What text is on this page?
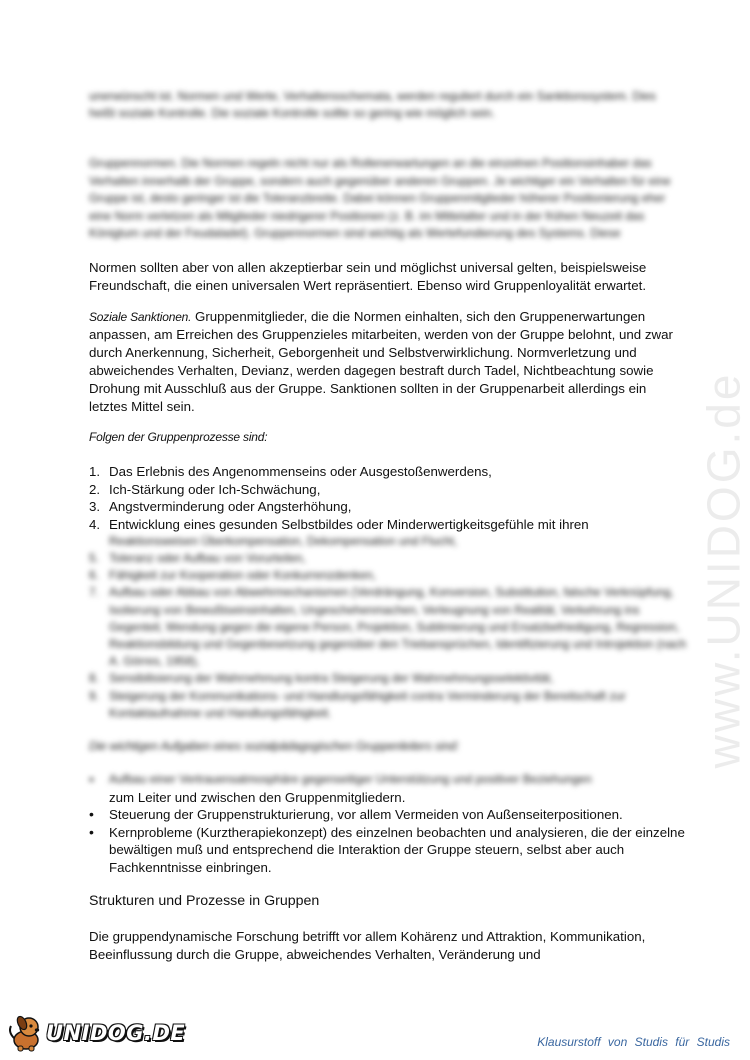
www.UNIDOG.de

unerwünscht ist. Normen und Werte, Verhaltensschemata, werden reguliert durch ein Sanktionssystem. Dies heißt soziale Kontrolle. Die soziale Kontrolle sollte so gering wie möglich sein.

Gruppennormen. Die Normen regeln nicht nur als Rollenerwartungen an die einzelnen Positionsinhaber das Verhalten innerhalb der Gruppe, sondern auch gegenüber anderen Gruppen. Je wichtiger ein Verhalten für eine Gruppe ist, desto geringer ist die Toleranzbreite. Dabei können Gruppenmitglieder höherer Positionierung eher eine Norm verletzen als Mitglieder niedrigerer Positionen (z. B. im Mittelalter und in der frühen Neuzeit das Königtum und der Feudaladel). Gruppennormen sind wichtig als Wertefundierung des Systems. Diese

Normen sollten aber von allen akzeptierbar sein und möglichst universal gelten, beispielsweise

Freundschaft, die einen universalen Wert repräsentiert. Ebenso wird Gruppenloyalität erwartet.

Soziale Sanktionen. Gruppenmitglieder, die die Normen einhalten, sich den Gruppenerwartungen anpassen, am Erreichen des Gruppenzieles mitarbeiten, werden von der Gruppe belohnt, und zwar durch Anerkennung, Sicherheit, Geborgenheit und Selbstverwirklichung. Normverletzung und abweichendes Verhalten, Devianz, werden dagegen bestraft durch Tadel, Nichtbeachtung sowie Drohung mit Ausschluß aus der Gruppe. Sanktionen sollten in der Gruppenarbeit allerdings ein letztes Mittel sein.

Folgen der Gruppenprozesse sind:

1. Das Erlebnis des Angenommenseins oder Ausgestoßenwerdens,
2. Ich-Stärkung oder Ich-Schwächung,
3. Angstverminderung oder Angsterhöhung,
4. Entwicklung eines gesunden Selbstbildes oder Minderwertigkeitsgefühle mit ihren
Reaktionsweisen Überkompensation, Dekompensation und Flucht,
5. Toleranz oder Aufbau von Vorurteilen,
6. Fähigkeit zur Kooperation oder Konkurrenzdenken,
7. Aufbau oder Abbau von Abwehrmechanismen (Verdrängung, Konversion, Substitution, falsche Verknüpfung, Isolierung von Bewußtseinsinhalten, Ungeschehenmachen, Verleugnung von Realität, Verkehrung ins Gegenteil, Wendung gegen die eigene Person, Projektion, Sublimierung und Ersatzbefriedigung, Regression, Reaktionsbildung und Gegenbesetzung gegenüber den Triebansprüchen, Identifizierung und Introjektion (nach A. Görres, 1958),
8. Sensibilisierung der Wahrnehmung kontra Steigerung der Wahrnehmungsselektivität,
9. Steigerung der Kommunikations- und Handlungsfähigkeit contra Verminderung der Bereitschaft zur Kontaktaufnahme und Handlungsfähigkeit.

Die wichtigen Aufgaben eines sozialpädagogischen Gruppenleiters sind:

•	Aufbau einer Vertrauensatmosphäre gegenseitiger Unterstützung und positiver Beziehungen
zum Leiter und zwischen den Gruppenmitgliedern.
•	Steuerung der Gruppenstrukturierung, vor allem Vermeiden von Außenseiterpositionen.
•	Kernprobleme (Kurztherapiekonzept) des einzelnen beobachten und analysieren, die der einzelne bewältigen muß und entsprechend die Interaktion der Gruppe steuern, selbst aber auch Fachkenntnisse einbringen.
Strukturen und Prozesse in Gruppen

Die gruppendynamische Forschung betrifft vor allem Kohärenz und Attraktion, Kommunikation, Beeinflussung durch die Gruppe, abweichendes Verhalten, Veränderung und

UNIDOG.DE	Klausurstoff von Studis für Studis
